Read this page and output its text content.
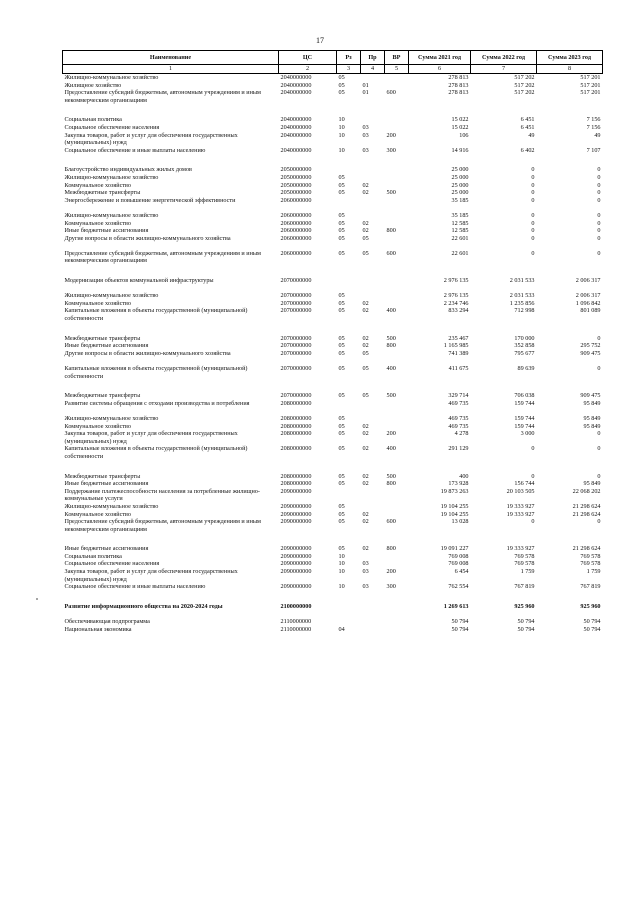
17
Наименование	ЦС	Рз	Пр	ВР	Сумма 2021 год	Сумма 2022 год	Сумма 2023 год
1	2	3	4	5	6	7	8
Жилищно-коммунальное хозяйство	2040000000	05			278 813	517 202	517 201
Жилищное хозяйство	2040000000	05	01		278 813	517 202	517 201
Предоставление субсидий бюджетным, автономным учреждениям и иным некоммерческим организациям	2040000000	05	01	600	278 813	517 202	517 201
Социальная политика	2040000000	10			15 022	6 451	7 156
Социальное обеспечение населения	2040000000	10	03		15 022	6 451	7 156
Закупка товаров, работ и услуг для обеспечения государственных (муниципальных) нужд	2040000000	10	03	200	106	49	49
Социальное обеспечение и иные выплаты населению	2040000000	10	03	300	14 916	6 402	7 107
Благоустройство индивидуальных жилых домов	2050000000				25 000	0	0
Жилищно-коммунальное хозяйство	2050000000	05			25 000	0	0
Коммунальное хозяйство	2050000000	05	02		25 000	0	0
Межбюджетные трансферты	2050000000	05	02	500	25 000	0	0
Энергосбережение и повышение энергетической эффективности	2060000000				35 185	0	0
Жилищно-коммунальное хозяйство	2060000000	05			35 185	0	0
Коммунальное хозяйство	2060000000	05	02		12 585	0	0
Иные бюджетные ассигнования	2060000000	05	02	800	12 585	0	0
Другие вопросы в области жилищно-коммунального хозяйства	2060000000	05	05		22 601	0	0
Предоставление субсидий бюджетным, автономным учреждениям и иным некоммерческим организациям	2060000000	05	05	600	22 601	0	0
Модернизация объектов коммунальной инфраструктуры	2070000000				2 976 135	2 031 533	2 006 317
Жилищно-коммунальное хозяйство	2070000000	05			2 976 135	2 031 533	2 006 317
Коммунальное хозяйство	2070000000	05	02		2 234 746	1 235 856	1 096 842
Капитальные вложения в объекты государственной (муниципальной) собственности	2070000000	05	02	400	833 294	712 998	801 089
Межбюджетные трансферты	2070000000	05	02	500	235 467	170 000	0
Иные бюджетные ассигнования	2070000000	05	02	800	1 165 985	352 858	295 752
Другие вопросы в области жилищно-коммунального хозяйства	2070000000	05	05		741 389	795 677	909 475
Капитальные вложения в объекты государственной (муниципальной) собственности	2070000000	05	05	400	411 675	89 639	0
Межбюджетные трансферты	2070000000	05	05	500	329 714	706 038	909 475
Развитие системы обращения с отходами производства и потребления	2080000000				469 735	159 744	95 849
Жилищно-коммунальное хозяйство	2080000000	05			469 735	159 744	95 849
Коммунальное хозяйство	2080000000	05	02		469 735	159 744	95 849
Закупка товаров, работ и услуг для обеспечения государственных (муниципальных) нужд	2080000000	05	02	200	4 278	3 000	0
Капитальные вложения в объекты государственной (муниципальной) собственности	2080000000	05	02	400	291 129	0	0
Межбюджетные трансферты	2080000000	05	02	500	400	0	0
Иные бюджетные ассигнования	2080000000	05	02	800	173 928	156 744	95 849
Поддержание платежеспособности населения за потребленные жилищно-коммунальные услуги	2090000000				19 873 263	20 103 505	22 068 202
Жилищно-коммунальное хозяйство	2090000000	05			19 104 255	19 333 927	21 298 624
Коммунальное хозяйство	2090000000	05	02		19 104 255	19 333 927	21 298 624
Предоставление субсидий бюджетным, автономным учреждениям и иным некоммерческим организациям	2090000000	05	02	600	13 028	0	0
Иные бюджетные ассигнования	2090000000	05	02	800	19 091 227	19 333 927	21 298 624
Социальная политика	2090000000	10			769 008	769 578	769 578
Социальное обеспечение населения	2090000000	10	03		769 008	769 578	769 578
Закупка товаров, работ и услуг для обеспечения государственных (муниципальных) нужд	2090000000	10	03	200	6 454	1 759	1 759
Социальное обеспечение и иные выплаты населению	2090000000	10	03	300	762 554	767 819	767 819
Развитие информационного общества на 2020-2024 годы	2100000000				1 269 613	925 960	925 960
Обеспечивающая подпрограмма	2110000000				50 794	50 794	50 794
Национальная экономика	2110000000	04			50 794	50 794	50 794
